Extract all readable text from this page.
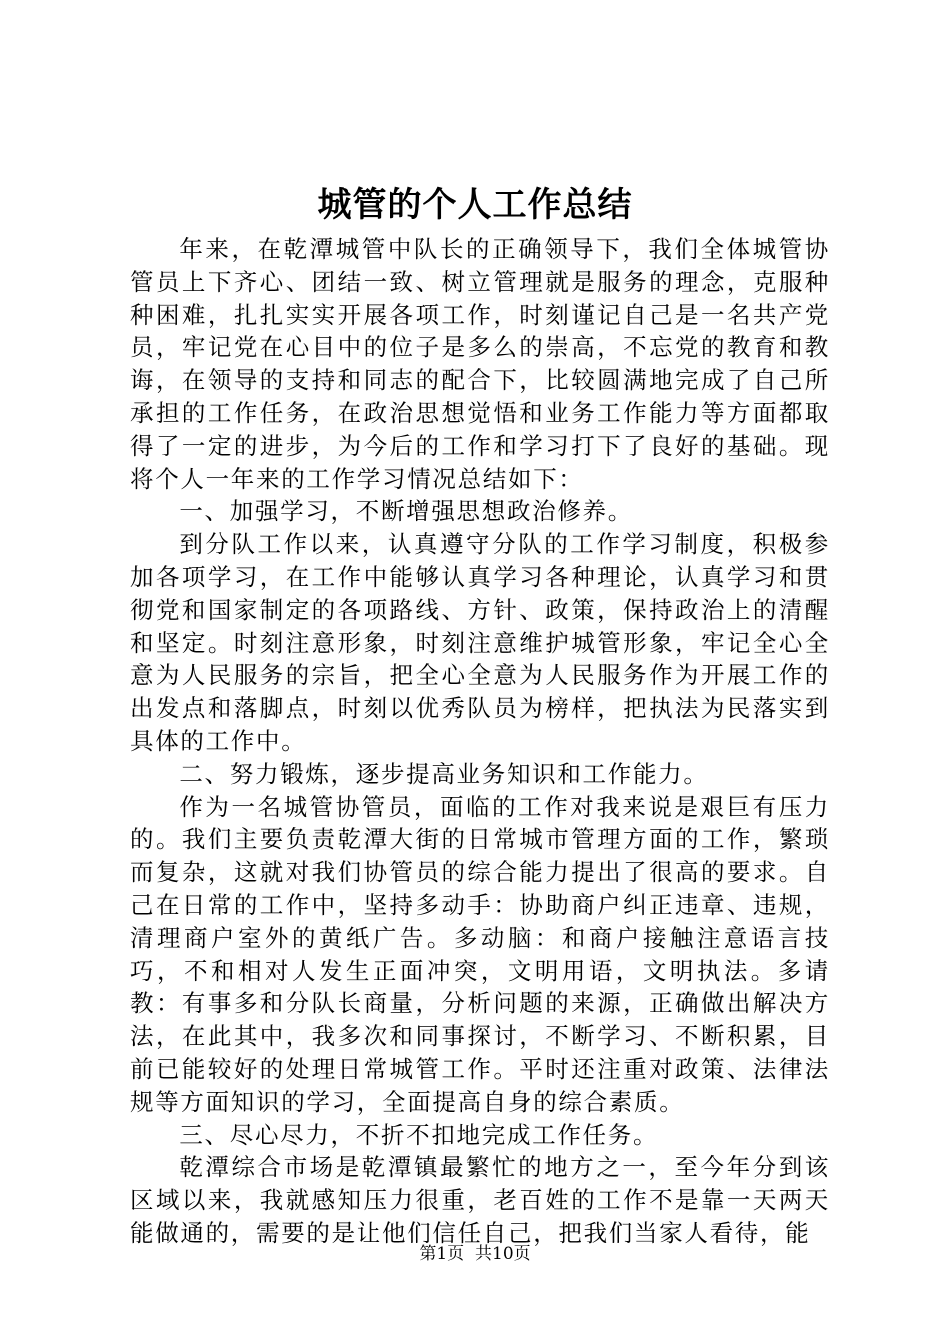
城管的个人工作总结

年来，在乾潭城管中队长的正确领导下，我们全体城管协管员上下齐心、团结一致、树立管理就是服务的理念，克服种种困难，扎扎实实开展各项工作，时刻谨记自己是一名共产党员，牢记党在心目中的位子是多么的崇高，不忘党的教育和教诲，在领导的支持和同志的配合下，比较圆满地完成了自己所承担的工作任务，在政治思想觉悟和业务工作能力等方面都取得了一定的进步，为今后的工作和学习打下了良好的基础。现将个人一年来的工作学习情况总结如下：

一、加强学习，不断增强思想政治修养。

到分队工作以来，认真遵守分队的工作学习制度，积极参加各项学习，在工作中能够认真学习各种理论，认真学习和贯彻党和国家制定的各项路线、方针、政策，保持政治上的清醒和坚定。时刻注意形象，时刻注意维护城管形象，牢记全心全意为人民服务的宗旨，把全心全意为人民服务作为开展工作的出发点和落脚点，时刻以优秀队员为榜样，把执法为民落实到具体的工作中。

二、努力锻炼，逐步提高业务知识和工作能力。

作为一名城管协管员，面临的工作对我来说是艰巨有压力的。我们主要负责乾潭大街的日常城市管理方面的工作，繁琐而复杂，这就对我们协管员的综合能力提出了很高的要求。自己在日常的工作中，坚持多动手：协助商户纠正违章、违规，清理商户室外的黄纸广告。多动脑：和商户接触注意语言技巧，不和相对人发生正面冲突，文明用语，文明执法。多请教：有事多和分队长商量，分析问题的来源，正确做出解决方法，在此其中，我多次和同事探讨，不断学习、不断积累，目前已能较好的处理日常城管工作。平时还注重对政策、法律法规等方面知识的学习，全面提高自身的综合素质。

三、尽心尽力，不折不扣地完成工作任务。

乾潭综合市场是乾潭镇最繁忙的地方之一，至今年分到该区域以来，我就感知压力很重，老百姓的工作不是靠一天两天能做通的，需要的是让他们信任自己，把我们当家人看待，能

第1页 共10页
